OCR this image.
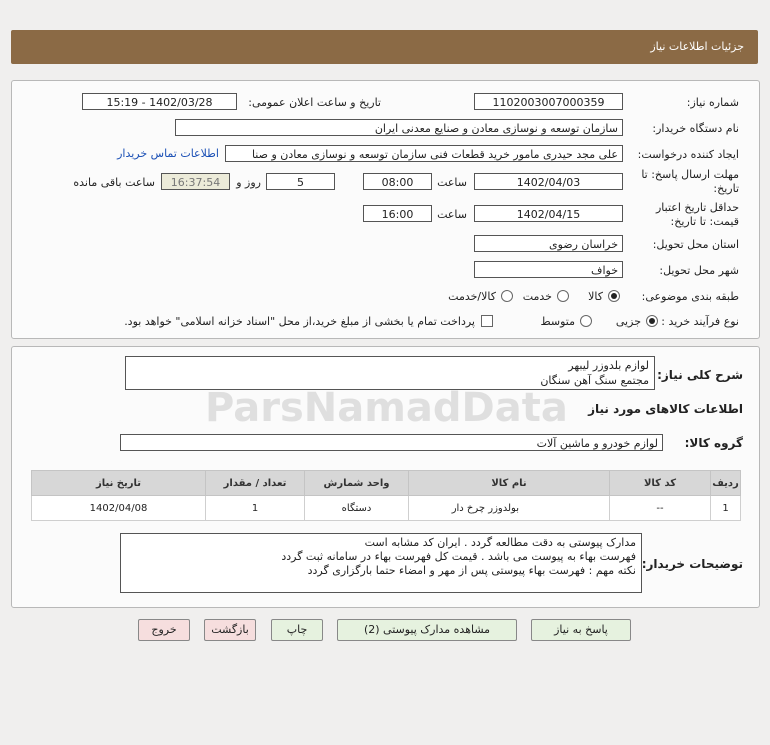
جزئیات اطلاعات نیاز
شماره نیاز:
1102003007000359
تاریخ و ساعت اعلان عمومی:
1402/03/28 - 15:19
نام دستگاه خریدار:
سازمان توسعه و نوسازی معادن و صنایع معدنی ایران
ایجاد کننده درخواست:
علی مجد حیدری مامور خرید قطعات فنی سازمان توسعه و نوسازی معادن و صنا
اطلاعات تماس خریدار
مهلت ارسال پاسخ: تا
تاریخ:
1402/04/03
ساعت
08:00
5
روز و
16:37:54
ساعت باقی مانده
حداقل تاریخ اعتبار
قیمت: تا تاریخ:
1402/04/15
ساعت
16:00
استان محل تحویل:
خراسان رضوی
شهر محل تحویل:
خواف
طبقه بندی موضوعی:
کالا
خدمت
کالا/خدمت
نوع فرآیند خرید :
جزیی
متوسط
پرداخت تمام یا بخشی از مبلغ خرید،از محل "اسناد خزانه اسلامی" خواهد بود.
شرح کلی نیاز:
لوازم بلدوزر لیبهر
مجتمع سنگ آهن سنگان
اطلاعات کالاهای مورد نیاز
گروه کالا:
لوازم خودرو و ماشین آلات
ردیف	کد کالا	نام کالا	واحد شمارش	تعداد / مقدار	تاریخ نیاز
1	--	بولدوزر چرخ دار	دستگاه	1	1402/04/08
توضیحات خریدار:
مدارک پیوستی به دقت مطالعه گردد . ایران کد مشابه است
فهرست بهاء به پیوست می باشد . قیمت کل فهرست بهاء در سامانه ثبت گردد
نکته مهم : فهرست بهاء پیوستی پس از مهر و امضاء حتما بارگزاری گردد
ParsNamadData
پاسخ به نیاز
مشاهده مدارک پیوستی (2)
چاپ
بازگشت
خروج
